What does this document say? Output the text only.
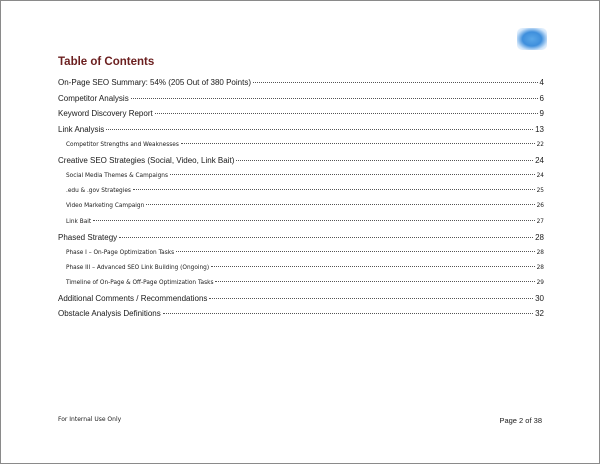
Table of Contents
On-Page SEO Summary: 54% (205 Out of 380 Points)	4
Competitor Analysis	6
Keyword Discovery Report	9
Link Analysis	13
Competitor Strengths and Weaknesses	22
Creative SEO Strategies (Social, Video, Link Bait)	24
Social Media Themes & Campaigns	24
.edu & .gov Strategies	25
Video Marketing Campaign	26
Link Bait	27
Phased Strategy	28
Phase I – On-Page Optimization Tasks	28
Phase III – Advanced SEO Link Building (Ongoing)	28
Timeline of On-Page & Off-Page Optimization Tasks	29
Additional Comments / Recommendations	30
Obstacle Analysis Definitions	32
For Internal Use Only	Page 2 of 38
